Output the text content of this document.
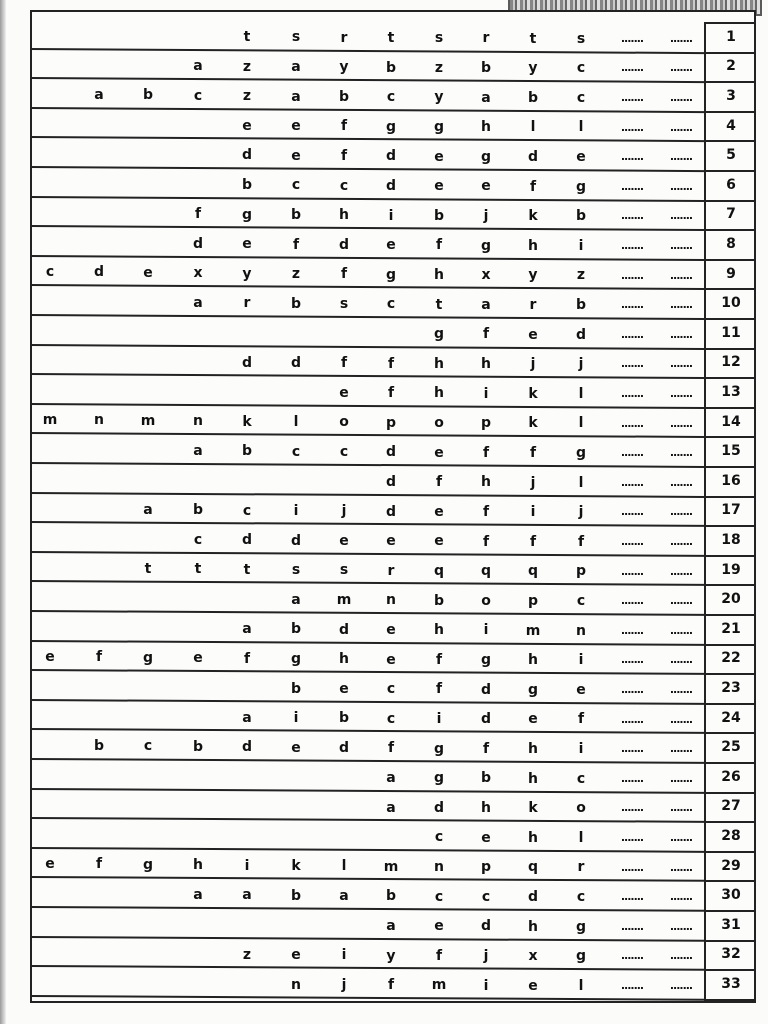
t	s	r	t	s	r	t	s	.......	.......	1
a	z	a	y	b	z	b	y	c	.......	.......	2
a	b	c	z	a	b	c	y	a	b	c	.......	.......	3
e	e	f	g	g	h	l	l	.......	.......	4
d	e	f	d	e	g	d	e	.......	.......	5
b	c	c	d	e	e	f	g	.......	.......	6
f	g	b	h	i	b	j	k	b	.......	.......	7
d	e	f	d	e	f	g	h	i	.......	.......	8
c	d	e	x	y	z	f	g	h	x	y	z	.......	.......	9
a	r	b	s	c	t	a	r	b	.......	.......	10
g	f	e	d	.......	.......	11
d	d	f	f	h	h	j	j	.......	.......	12
e	f	h	i	k	l	.......	.......	13
m	n	m	n	k	l	o	p	o	p	k	l	.......	.......	14
a	b	c	c	d	e	f	f	g	.......	.......	15
d	f	h	j	l	.......	.......	16
a	b	c	i	j	d	e	f	i	j	.......	.......	17
c	d	d	e	e	e	f	f	f	.......	.......	18
t	t	t	s	s	r	q	q	q	p	.......	.......	19
a	m	n	b	o	p	c	.......	.......	20
a	b	d	e	h	i	m	n	.......	.......	21
e	f	g	e	f	g	h	e	f	g	h	i	.......	.......	22
b	e	c	f	d	g	e	.......	.......	23
a	i	b	c	i	d	e	f	.......	.......	24
b	c	b	d	e	d	f	g	f	h	i	.......	.......	25
a	g	b	h	c	.......	.......	26
a	d	h	k	o	.......	.......	27
c	e	h	l	.......	.......	28
e	f	g	h	i	k	l	m	n	p	q	r	.......	.......	29
a	a	b	a	b	c	c	d	c	.......	.......	30
a	e	d	h	g	.......	.......	31
z	e	i	y	f	j	x	g	.......	.......	32
n	j	f	m	i	e	l	.......	.......	33
